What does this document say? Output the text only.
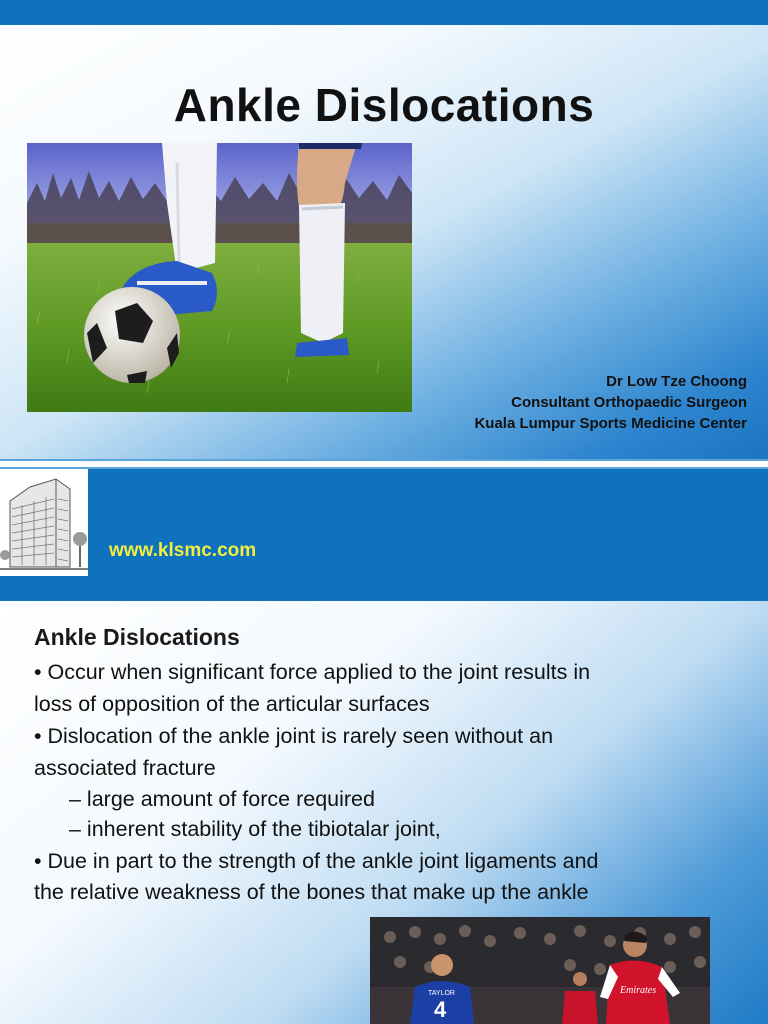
Ankle Dislocations
Dr Low Tze Choong
Consultant Orthopaedic Surgeon
Kuala Lumpur Sports Medicine Center
www.klsmc.com
Ankle Dislocations
• Occur when significant force applied to the joint results in
loss of opposition of the articular surfaces
• Dislocation of the ankle joint is rarely seen without an
associated fracture
– large amount of force required
– inherent stability of the tibiotalar joint,
• Due in part to the strength of the ankle joint ligaments and
the relative weakness of the bones that make up the ankle
4
TAYLOR	Emirates
